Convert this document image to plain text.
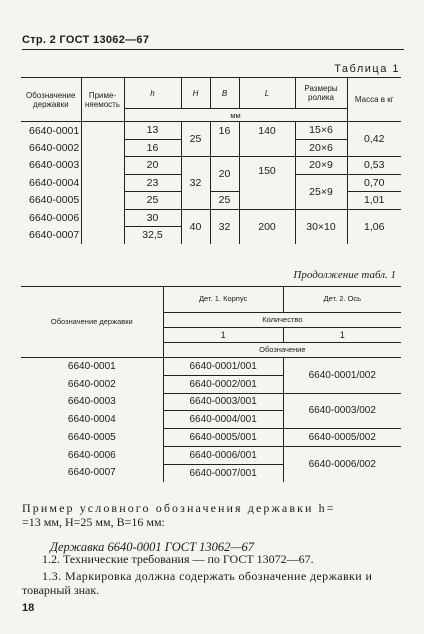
Стр. 2 ГОСТ 13062—67
Таблица 1
Обозначение державки	Приме-няемость	h	H	B	L	Размеры ролика	Масса в кг
		мм					
6640-0001		13	25	16	140	15×6	0,42
6640-0002		16				20×6	
6640-0003		20	32	20	150	20×9	0,53
6640-0004		23				25×9	0,70
6640-0005		25		25			1,01
6640-0006		30	40	32	200	30×10	1,06
6640-0007		32,5					
Продолжение табл. 1
Обозначение державки	Дет. 1. Корпус	Дет. 2. Ось
	Количество	
	1	1
	Обозначение	
6640-0001	6640-0001/001	6640-0001/002
6640-0002	6640-0002/001	
6640-0003	6640-0003/001	6640-0003/002
6640-0004	6640-0004/001	
6640-0005	6640-0005/001	6640-0005/002
6640-0006	6640-0006/001	6640-0006/002
6640-0007	6640-0007/001	
Пример условного обозначения державки h=
=13 мм, H=25 мм, B=16 мм:
Державка 6640-0001 ГОСТ 13062—67
1.2. Технические требования — по ГОСТ 13072—67.
1.3. Маркировка должна содержать обозначение державки и
товарный знак.
18
